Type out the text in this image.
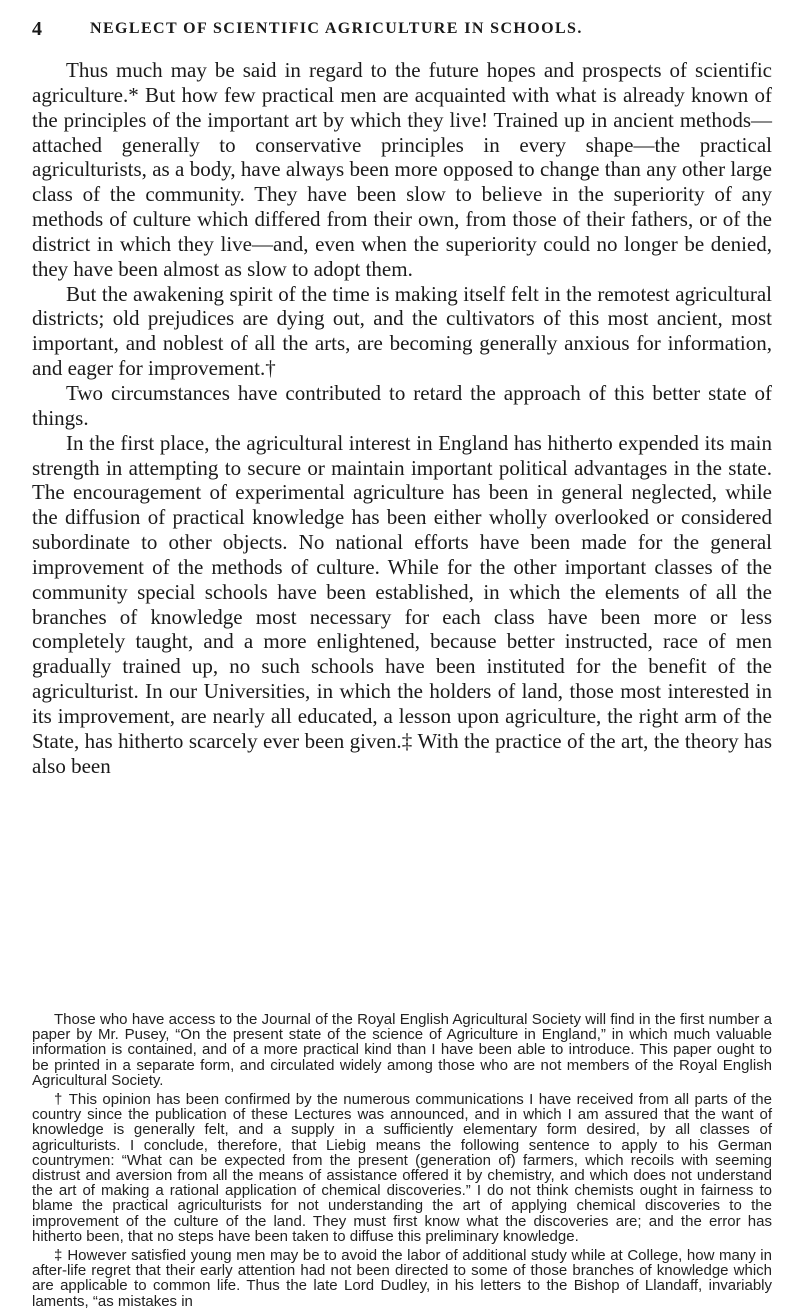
4	NEGLECT OF SCIENTIFIC AGRICULTURE IN SCHOOLS.

Thus much may be said in regard to the future hopes and prospects of scientific agriculture.* But how few practical men are acquainted with what is already known of the principles of the important art by which they live! Trained up in ancient methods—attached generally to conservative principles in every shape—the practical agriculturists, as a body, have always been more opposed to change than any other large class of the community. They have been slow to believe in the superiority of any methods of culture which differed from their own, from those of their fathers, or of the district in which they live—and, even when the superiority could no longer be denied, they have been almost as slow to adopt them.

But the awakening spirit of the time is making itself felt in the remotest agricultural districts; old prejudices are dying out, and the cultivators of this most ancient, most important, and noblest of all the arts, are becoming generally anxious for information, and eager for improvement.†

Two circumstances have contributed to retard the approach of this better state of things.

In the first place, the agricultural interest in England has hitherto expended its main strength in attempting to secure or maintain important political advantages in the state. The encouragement of experimental agriculture has been in general neglected, while the diffusion of practical knowledge has been either wholly overlooked or considered subordinate to other objects. No national efforts have been made for the general improvement of the methods of culture. While for the other important classes of the community special schools have been established, in which the elements of all the branches of knowledge most necessary for each class have been more or less completely taught, and a more enlightened, because better instructed, race of men gradually trained up, no such schools have been instituted for the benefit of the agriculturist. In our Universities, in which the holders of land, those most interested in its improvement, are nearly all educated, a lesson upon agriculture, the right arm of the State, has hitherto scarcely ever been given.‡ With the practice of the art, the theory has also been

Those who have access to the Journal of the Royal English Agricultural Society will find in the first number a paper by Mr. Pusey, “On the present state of the science of Agriculture in England,” in which much valuable information is contained, and of a more practical kind than I have been able to introduce. This paper ought to be printed in a separate form, and circulated widely among those who are not members of the Royal English Agricultural Society.

† This opinion has been confirmed by the numerous communications I have received from all parts of the country since the publication of these Lectures was announced, and in which I am assured that the want of knowledge is generally felt, and a supply in a sufficiently elementary form desired, by all classes of agriculturists. I conclude, therefore, that Liebig means the following sentence to apply to his German countrymen: “What can be expected from the present (generation of) farmers, which recoils with seeming distrust and aversion from all the means of assistance offered it by chemistry, and which does not understand the art of making a rational application of chemical discoveries.” I do not think chemists ought in fairness to blame the practical agriculturists for not understanding the art of applying chemical discoveries to the improvement of the culture of the land. They must first know what the discoveries are; and the error has hitherto been, that no steps have been taken to diffuse this preliminary knowledge.

‡ However satisfied young men may be to avoid the labor of additional study while at College, how many in after-life regret that their early attention had not been directed to some of those branches of knowledge which are applicable to common life. Thus the late Lord Dudley, in his letters to the Bishop of Llandaff, invariably laments, “as mistakes in
